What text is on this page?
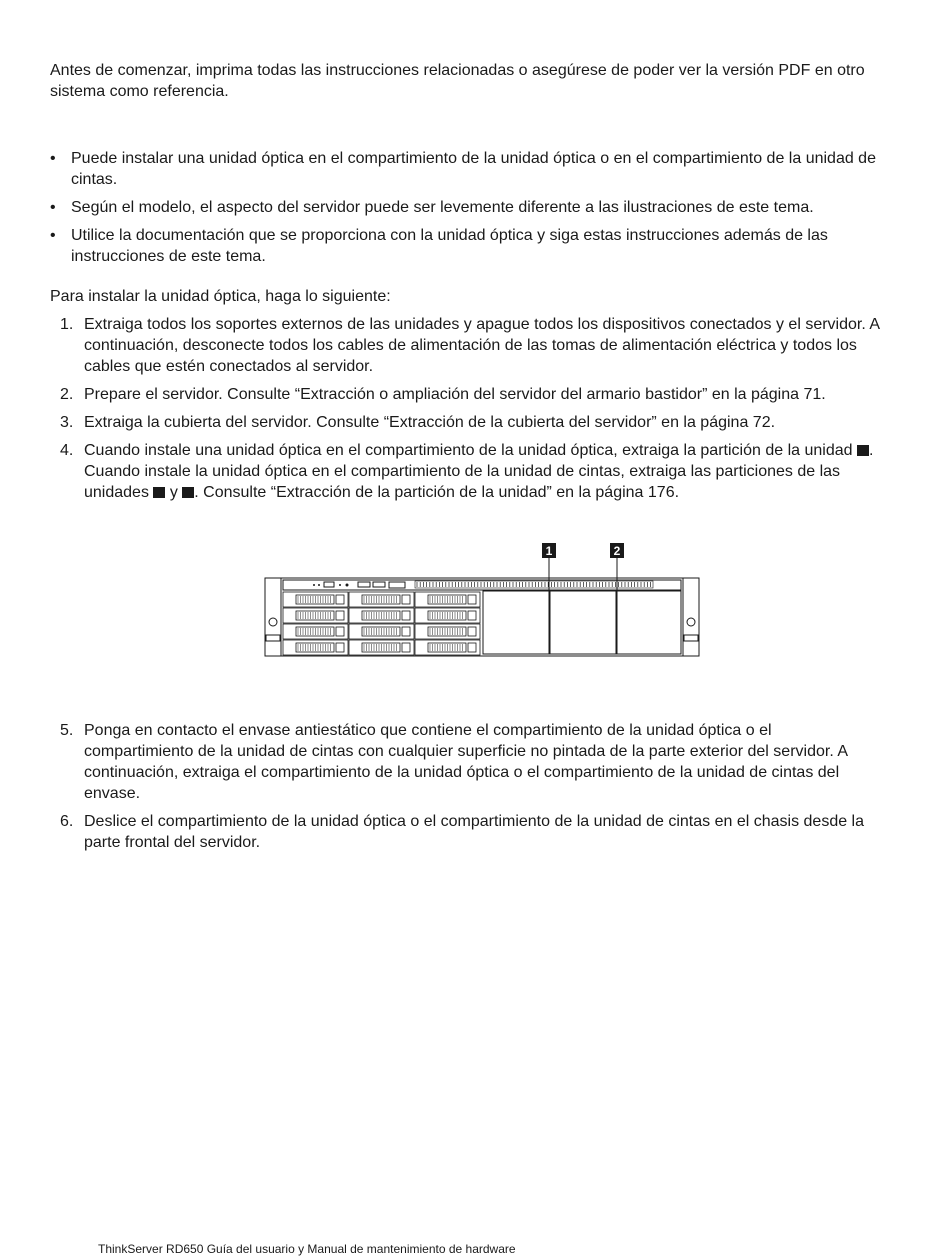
Antes de comenzar, imprima todas las instrucciones relacionadas o asegúrese de poder ver la versión PDF en otro sistema como referencia.

• Puede instalar una unidad óptica en el compartimiento de la unidad óptica o en el compartimiento de la unidad de cintas.
• Según el modelo, el aspecto del servidor puede ser levemente diferente a las ilustraciones de este tema.
• Utilice la documentación que se proporciona con la unidad óptica y siga estas instrucciones además de las instrucciones de este tema.

Para instalar la unidad óptica, haga lo siguiente:

1. Extraiga todos los soportes externos de las unidades y apague todos los dispositivos conectados y el servidor. A continuación, desconecte todos los cables de alimentación de las tomas de alimentación eléctrica y todos los cables que estén conectados al servidor.
2. Prepare el servidor. Consulte “Extracción o ampliación del servidor del armario bastidor” en la página 71.
3. Extraiga la cubierta del servidor. Consulte “Extracción de la cubierta del servidor” en la página 72.
4. Cuando instale una unidad óptica en el compartimiento de la unidad óptica, extraiga la partición de la unidad . Cuando instale la unidad óptica en el compartimiento de la unidad de cintas, extraiga las particiones de las unidades  y . Consulte “Extracción de la partición de la unidad” en la página 176.
1	2
5. Ponga en contacto el envase antiestático que contiene el compartimiento de la unidad óptica o el compartimiento de la unidad de cintas con cualquier superficie no pintada de la parte exterior del servidor. A continuación, extraiga el compartimiento de la unidad óptica o el compartimiento de la unidad de cintas del envase.
6. Deslice el compartimiento de la unidad óptica o el compartimiento de la unidad de cintas en el chasis desde la parte frontal del servidor.
ThinkServer RD650 Guía del usuario y Manual de mantenimiento de hardware
